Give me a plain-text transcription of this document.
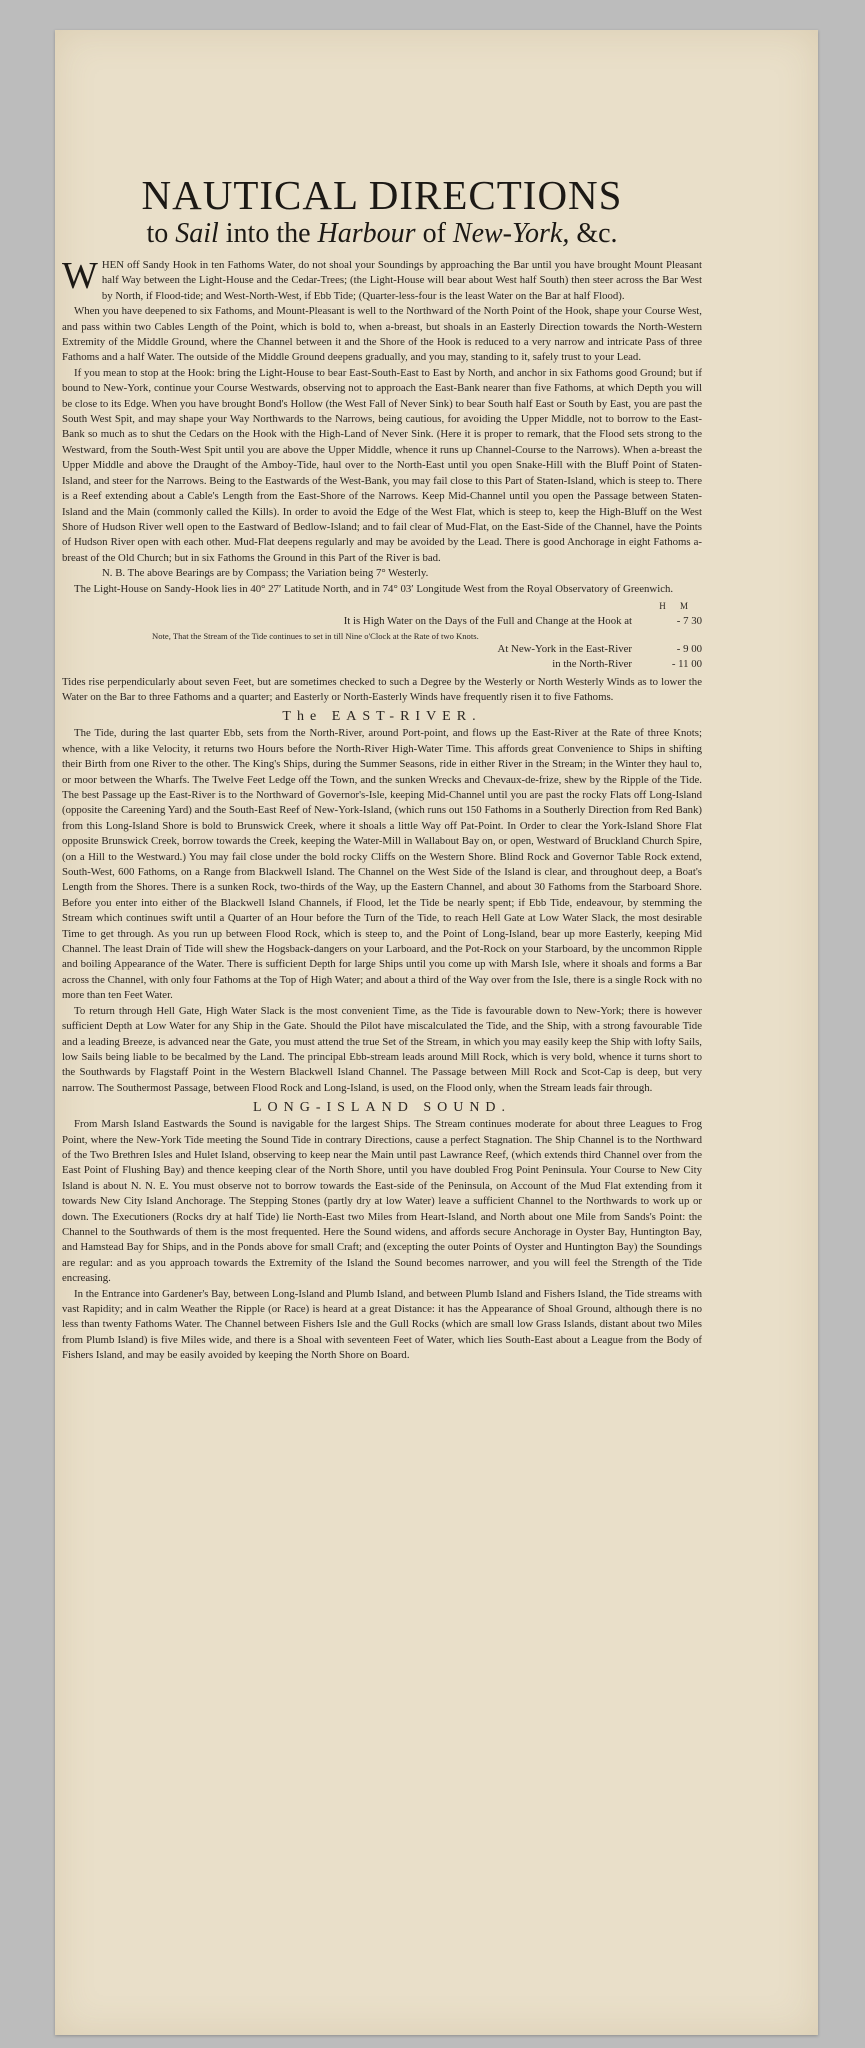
NAUTICAL DIRECTIONS
to Sail into the Harbour of New-York, &c.

WHEN off Sandy Hook in ten Fathoms Water, do not shoal your Soundings by approaching the Bar until you have brought Mount Pleasant half Way between the Light-House and the Cedar-Trees; (the Light-House will bear about West half South) then steer across the Bar West by North, if Flood-tide; and West-North-West, if Ebb Tide; (Quarter-less-four is the least Water on the Bar at half Flood).

When you have deepened to six Fathoms, and Mount-Pleasant is well to the Northward of the North Point of the Hook, shape your Course West, and pass within two Cables Length of the Point, which is bold to, when a-breast, but shoals in an Easterly Direction towards the North-Western Extremity of the Middle Ground, where the Channel between it and the Shore of the Hook is reduced to a very narrow and intricate Pass of three Fathoms and a half Water. The outside of the Middle Ground deepens gradually, and you may, standing to it, safely trust to your Lead.

If you mean to stop at the Hook: bring the Light-House to bear East-South-East to East by North, and anchor in six Fathoms good Ground; but if bound to New-York, continue your Course Westwards, observing not to approach the East-Bank nearer than five Fathoms, at which Depth you will be close to its Edge. When you have brought Bond's Hollow (the West Fall of Never Sink) to bear South half East or South by East, you are past the South West Spit, and may shape your Way Northwards to the Narrows, being cautious, for avoiding the Upper Middle, not to borrow to the East-Bank so much as to shut the Cedars on the Hook with the High-Land of Never Sink. (Here it is proper to remark, that the Flood sets strong to the Westward, from the South-West Spit until you are above the Upper Middle, whence it runs up Channel-Course to the Narrows). When a-breast the Upper Middle and above the Draught of the Amboy-Tide, haul over to the North-East until you open Snake-Hill with the Bluff Point of Staten-Island, and steer for the Narrows. Being to the Eastwards of the West-Bank, you may fail close to this Part of Staten-Island, which is steep to. There is a Reef extending about a Cable's Length from the East-Shore of the Narrows. Keep Mid-Channel until you open the Passage between Staten-Island and the Main (commonly called the Kills). In order to avoid the Edge of the West Flat, which is steep to, keep the High-Bluff on the West Shore of Hudson River well open to the Eastward of Bedlow-Island; and to fail clear of Mud-Flat, on the East-Side of the Channel, have the Points of Hudson River open with each other. Mud-Flat deepens regularly and may be avoided by the Lead. There is good Anchorage in eight Fathoms a-breast of the Old Church; but in six Fathoms the Ground in this Part of the River is bad.

N. B. The above Bearings are by Compass; the Variation being 7° Westerly.

The Light-House on Sandy-Hook lies in 40° 27′ Latitude North, and in 74° 03′ Longitude West from the Royal Observatory of Greenwich.

H M
It is High Water on the Days of the Full and Change at the Hook at	- 7 30
Note, That the Stream of the Tide continues to set in till Nine o'Clock at the Rate of two Knots.
At New-York in the East-River	- 9 00
in the North-River	- 11 00

Tides rise perpendicularly about seven Feet, but are sometimes checked to such a Degree by the Westerly or North Westerly Winds as to lower the Water on the Bar to three Fathoms and a quarter; and Easterly or North-Easterly Winds have frequently risen it to five Fathoms.

The EAST-RIVER.

The Tide, during the last quarter Ebb, sets from the North-River, around Port-point, and flows up the East-River at the Rate of three Knots; whence, with a like Velocity, it returns two Hours before the North-River High-Water Time. This affords great Convenience to Ships in shifting their Birth from one River to the other. The King's Ships, during the Summer Seasons, ride in either River in the Stream; in the Winter they haul to, or moor between the Wharfs. The Twelve Feet Ledge off the Town, and the sunken Wrecks and Chevaux-de-frize, shew by the Ripple of the Tide. The best Passage up the East-River is to the Northward of Governor's-Isle, keeping Mid-Channel until you are past the rocky Flats off Long-Island (opposite the Careening Yard) and the South-East Reef of New-York-Island, (which runs out 150 Fathoms in a Southerly Direction from Red Bank) from this Long-Island Shore is bold to Brunswick Creek, where it shoals a little Way off Pat-Point. In Order to clear the York-Island Shore Flat opposite Brunswick Creek, borrow towards the Creek, keeping the Water-Mill in Wallabout Bay on, or open, Westward of Bruckland Church Spire, (on a Hill to the Westward.) You may fail close under the bold rocky Cliffs on the Western Shore. Blind Rock and Governor Table Rock extend, South-West, 600 Fathoms, on a Range from Blackwell Island. The Channel on the West Side of the Island is clear, and throughout deep, a Boat's Length from the Shores. There is a sunken Rock, two-thirds of the Way, up the Eastern Channel, and about 30 Fathoms from the Starboard Shore. Before you enter into either of the Blackwell Island Channels, if Flood, let the Tide be nearly spent; if Ebb Tide, endeavour, by stemming the Stream which continues swift until a Quarter of an Hour before the Turn of the Tide, to reach Hell Gate at Low Water Slack, the most desirable Time to get through. As you run up between Flood Rock, which is steep to, and the Point of Long-Island, bear up more Easterly, keeping Mid Channel. The least Drain of Tide will shew the Hogsback-dangers on your Larboard, and the Pot-Rock on your Starboard, by the uncommon Ripple and boiling Appearance of the Water. There is sufficient Depth for large Ships until you come up with Marsh Isle, where it shoals and forms a Bar across the Channel, with only four Fathoms at the Top of High Water; and about a third of the Way over from the Isle, there is a single Rock with no more than ten Feet Water.

To return through Hell Gate, High Water Slack is the most convenient Time, as the Tide is favourable down to New-York; there is however sufficient Depth at Low Water for any Ship in the Gate. Should the Pilot have miscalculated the Tide, and the Ship, with a strong favourable Tide and a leading Breeze, is advanced near the Gate, you must attend the true Set of the Stream, in which you may easily keep the Ship with lofty Sails, low Sails being liable to be becalmed by the Land. The principal Ebb-stream leads around Mill Rock, which is very bold, whence it turns short to the Southwards by Flagstaff Point in the Western Blackwell Island Channel. The Passage between Mill Rock and Scot-Cap is deep, but very narrow. The Southermost Passage, between Flood Rock and Long-Island, is used, on the Flood only, when the Stream leads fair through.

LONG-ISLAND SOUND.

From Marsh Island Eastwards the Sound is navigable for the largest Ships. The Stream continues moderate for about three Leagues to Frog Point, where the New-York Tide meeting the Sound Tide in contrary Directions, cause a perfect Stagnation. The Ship Channel is to the Northward of the Two Brethren Isles and Hulet Island, observing to keep near the Main until past Lawrance Reef, (which extends third Channel over from the East Point of Flushing Bay) and thence keeping clear of the North Shore, until you have doubled Frog Point Peninsula. Your Course to New City Island is about N. N. E. You must observe not to borrow towards the East-side of the Peninsula, on Account of the Mud Flat extending from it towards New City Island Anchorage. The Stepping Stones (partly dry at low Water) leave a sufficient Channel to the Northwards to work up or down. The Executioners (Rocks dry at half Tide) lie North-East two Miles from Heart-Island, and North about one Mile from Sands's Point: the Channel to the Southwards of them is the most frequented. Here the Sound widens, and affords secure Anchorage in Oyster Bay, Huntington Bay, and Hamstead Bay for Ships, and in the Ponds above for small Craft; and (excepting the outer Points of Oyster and Huntington Bay) the Soundings are regular: and as you approach towards the Extremity of the Island the Sound becomes narrower, and you will feel the Strength of the Tide encreasing.

In the Entrance into Gardener's Bay, between Long-Island and Plumb Island, and between Plumb Island and Fishers Island, the Tide streams with vast Rapidity; and in calm Weather the Ripple (or Race) is heard at a great Distance: it has the Appearance of Shoal Ground, although there is no less than twenty Fathoms Water. The Channel between Fishers Isle and the Gull Rocks (which are small low Grass Islands, distant about two Miles from Plumb Island) is five Miles wide, and there is a Shoal with seventeen Feet of Water, which lies South-East about a League from the Body of Fishers Island, and may be easily avoided by keeping the North Shore on Board.
